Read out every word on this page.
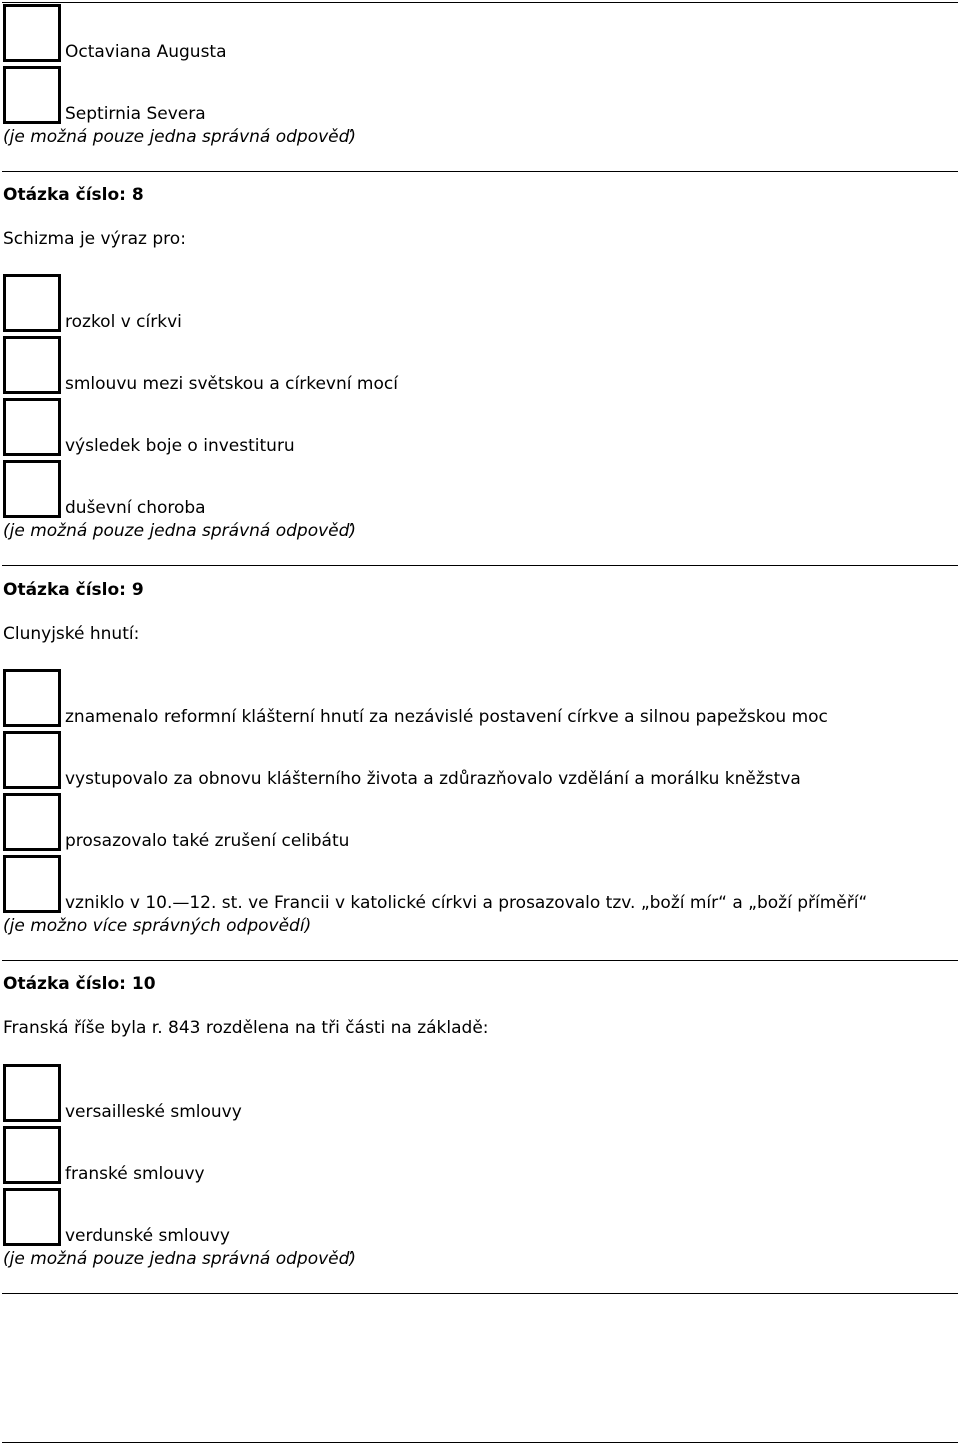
Octaviana Augusta
Septirnia Severa
(je možná pouze jedna správná odpověď)
Otázka číslo: 8
Schizma je výraz pro:
rozkol v církvi
smlouvu mezi světskou a církevní mocí
výsledek boje o investituru
duševní choroba
(je možná pouze jedna správná odpověď)
Otázka číslo: 9
Clunyjské hnutí:
znamenalo reformní klášterní hnutí za nezávislé postavení církve a silnou papežskou moc
vystupovalo za obnovu klášterního života a zdůrazňovalo vzdělání a morálku kněžstva
prosazovalo také zrušení celibátu
vzniklo v 10.—12. st. ve Francii v katolické církvi a prosazovalo tzv. „boží mír“ a „boží příměří“
(je možno více správných odpovědí)
Otázka číslo: 10
Franská říše byla r. 843 rozdělena na tři části na základě:
versailleské smlouvy
franské smlouvy
verdunské smlouvy
(je možná pouze jedna správná odpověď)
